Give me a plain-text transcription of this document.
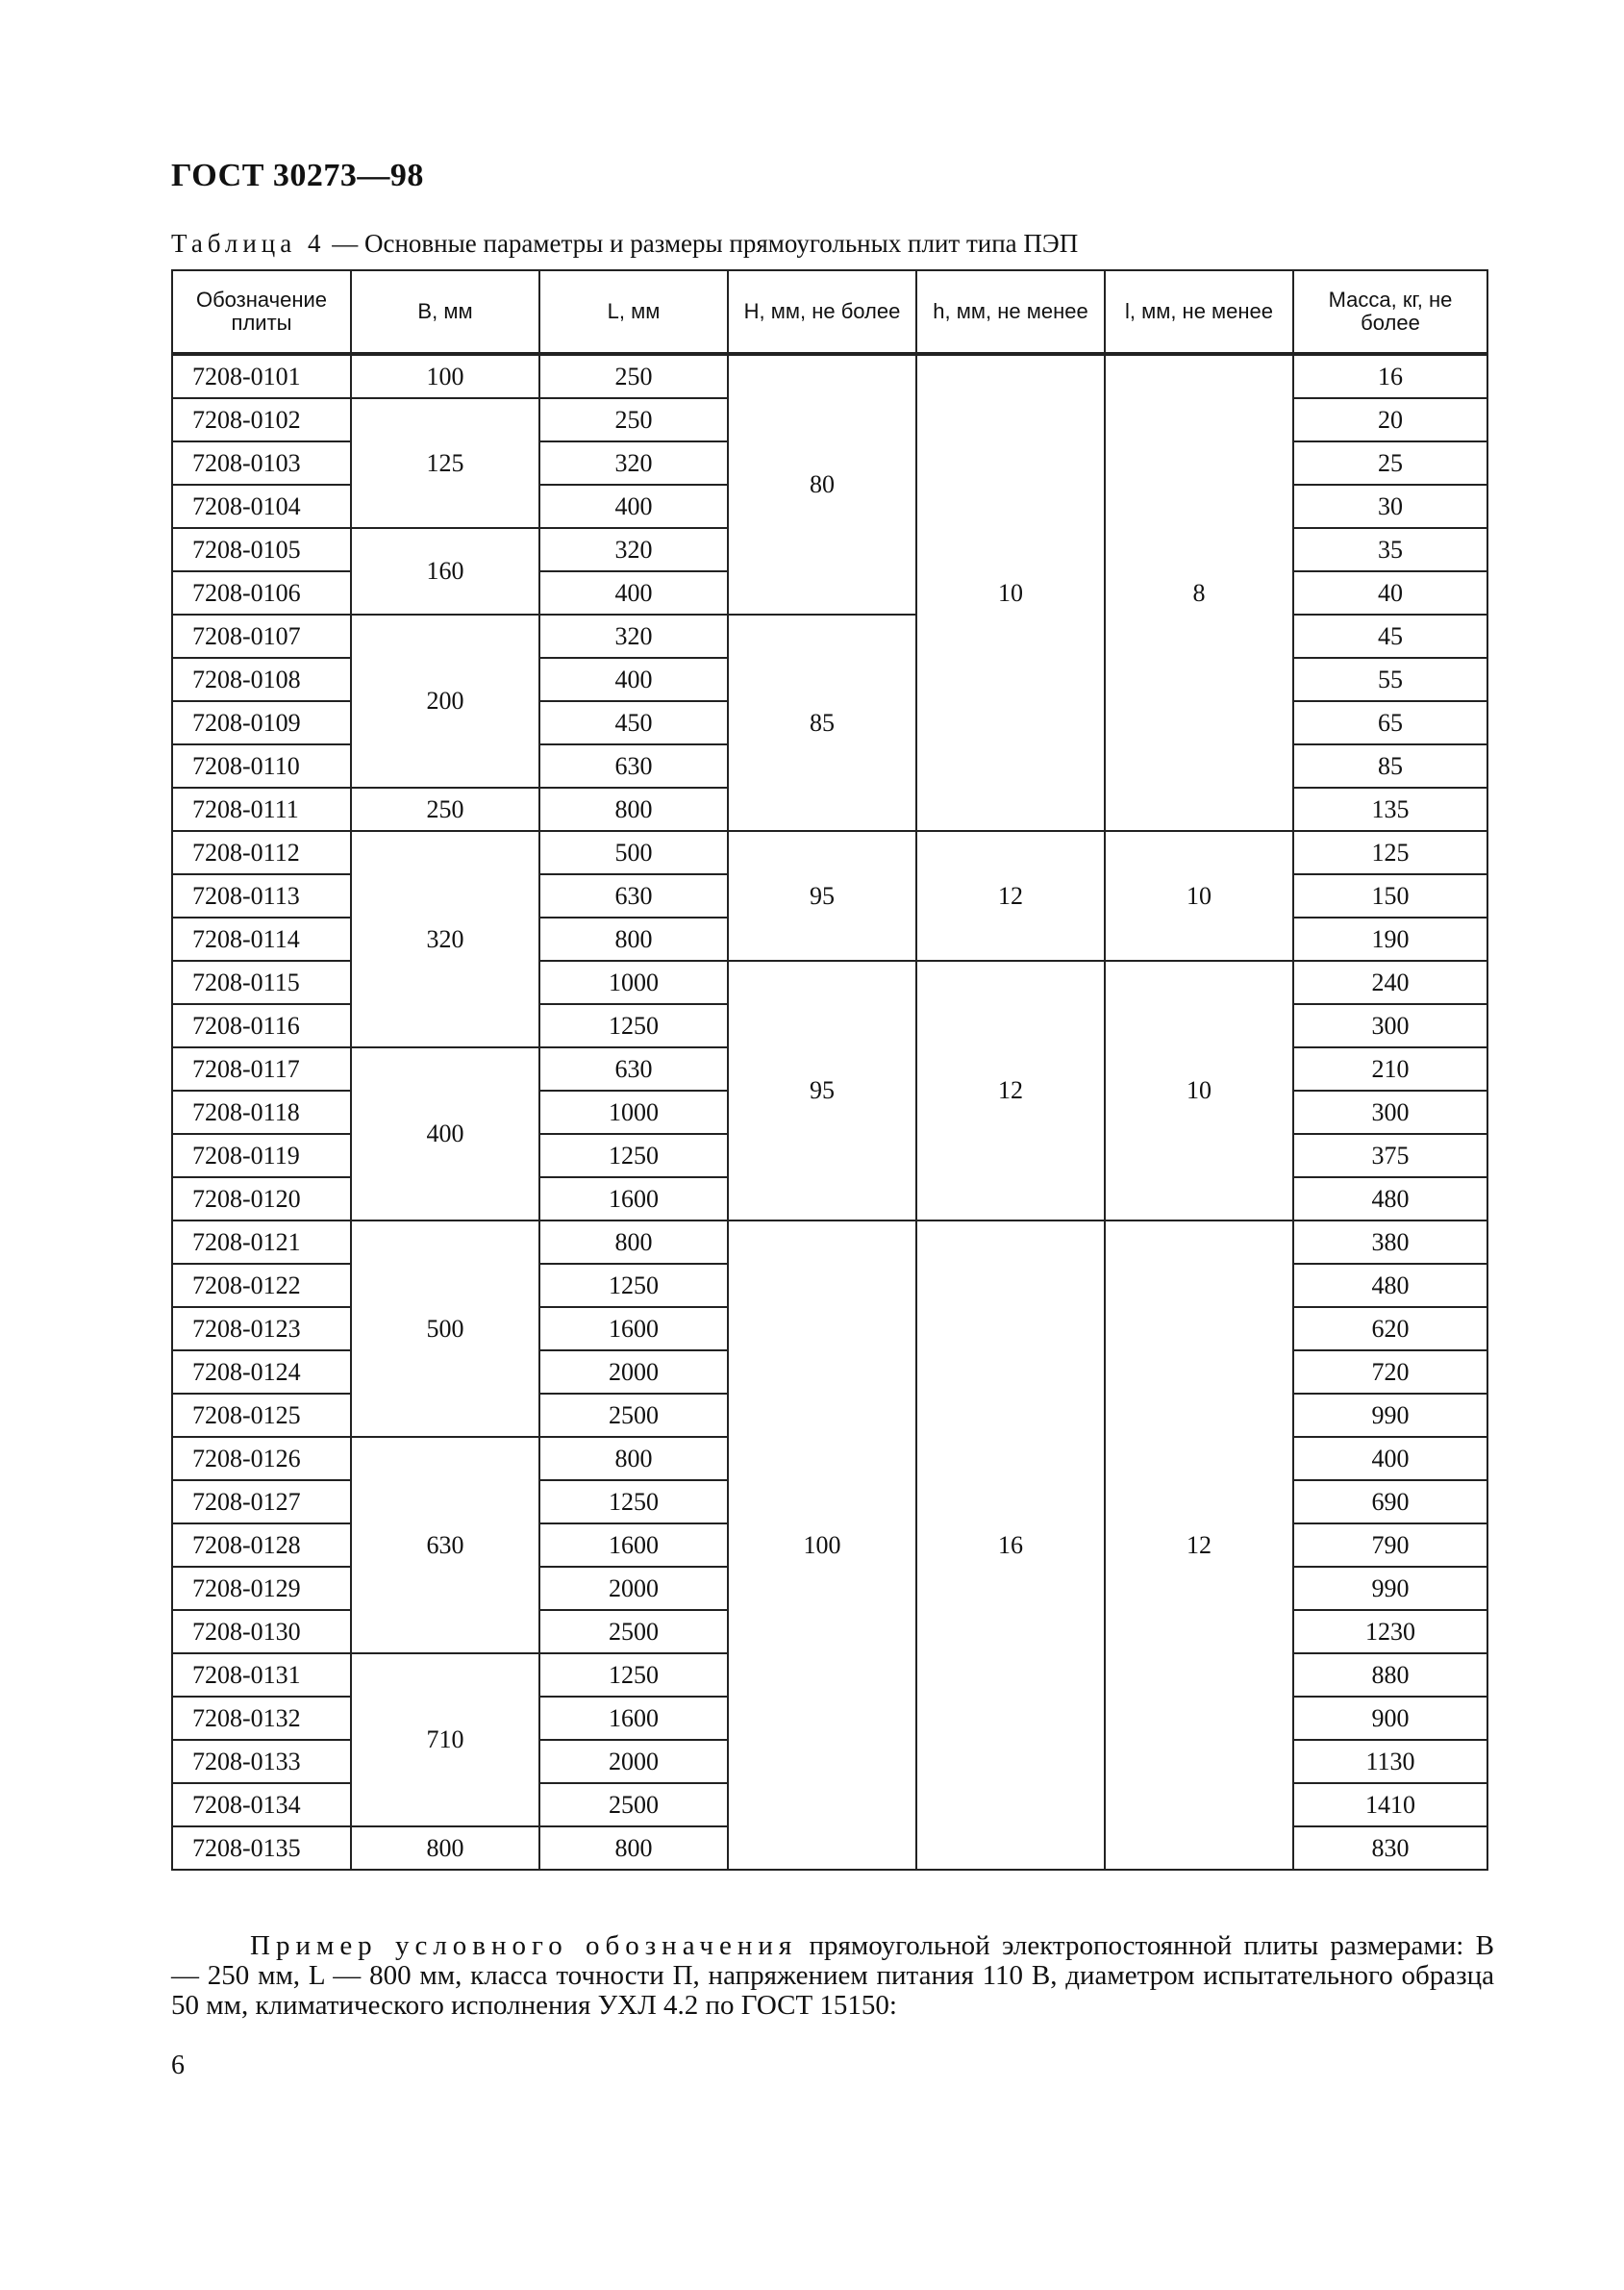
ГОСТ 30273—98
Таблица 4 — Основные параметры и размеры прямоугольных плит типа ПЭП
Обозначение плиты	B, мм	L, мм	H, мм, не более	h, мм, не менее	l, мм, не менее	Масса, кг, не более
7208-0101	100	250	80	10	8	16
7208-0102	125	250				20
7208-0103		320				25
7208-0104		400				30
7208-0105	160	320				35
7208-0106		400				40
7208-0107	200	320	85			45
7208-0108		400				55
7208-0109		450				65
7208-0110		630				85
7208-0111	250	800				135
7208-0112	320	500	95	12	10	125
7208-0113		630				150
7208-0114		800				190
7208-0115		1000	95	12	10	240
7208-0116		1250				300
7208-0117	400	630				210
7208-0118		1000				300
7208-0119		1250				375
7208-0120		1600				480
7208-0121	500	800	100	16	12	380
7208-0122		1250				480
7208-0123		1600				620
7208-0124		2000				720
7208-0125		2500				990
7208-0126	630	800				400
7208-0127		1250				690
7208-0128		1600				790
7208-0129		2000				990
7208-0130		2500				1230
7208-0131	710	1250				880
7208-0132		1600				900
7208-0133		2000				1130
7208-0134		2500				1410
7208-0135	800	800				830
Пример условного обозначения прямоугольной электропостоянной плиты размерами: B — 250 мм, L — 800 мм, класса точности П, напряжением питания 110 В, диаметром испытательного образца 50 мм, климатического исполнения УХЛ 4.2 по ГОСТ 15150:
6
